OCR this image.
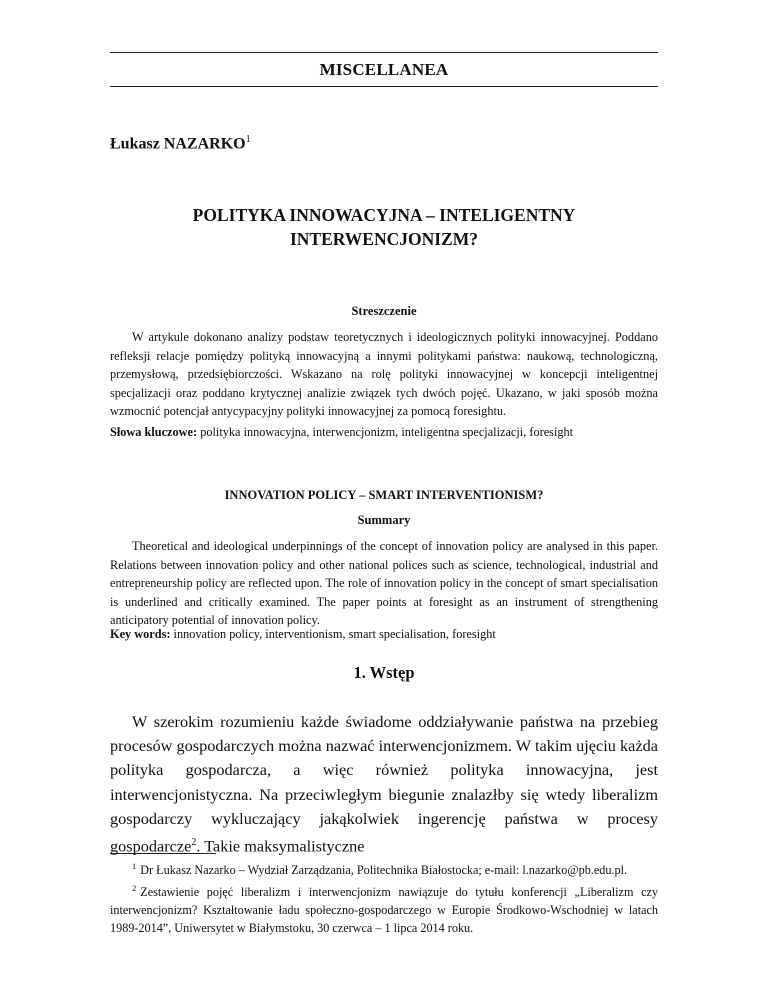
MISCELLANEA
Łukasz NAZARKO$^1$
POLITYKA INNOWACYJNA – INTELIGENTNY
INTERWENCJONIZM?
Streszczenie

W artykule dokonano analizy podstaw teoretycznych i ideologicznych polityki innowacyjnej. Poddano refleksji relacje pomiędzy polityką innowacyjną a innymi politykami państwa: naukową, technologiczną, przemysłową, przedsiębiorczości. Wskazano na rolę polityki innowacyjnej w koncepcji inteligentnej specjalizacji oraz poddano krytycznej analizie związek tych dwóch pojęć. Ukazano, w jaki sposób można wzmocnić potencjał antycypacyjny polityki innowacyjnej za pomocą foresightu.

Słowa kluczowe: polityka innowacyjna, interwencjonizm, inteligentna specjalizacji, foresight
INNOVATION POLICY – SMART INTERVENTIONISM?
Summary

Theoretical and ideological underpinnings of the concept of innovation policy are analysed in this paper. Relations between innovation policy and other national polices such as science, technological, industrial and entrepreneurship policy are reflected upon. The role of innovation policy in the concept of smart specialisation is underlined and critically examined. The paper points at foresight as an instrument of strengthening anticipatory potential of innovation policy.

Key words: innovation policy, interventionism, smart specialisation, foresight
1. Wstęp

W szerokim rozumieniu każde świadome oddziaływanie państwa na przebieg procesów gospodarczych można nazwać interwencjonizmem. W takim ujęciu każda polityka gospodarcza, a więc również polityka innowacyjna, jest interwencjonistyczna. Na przeciwległym biegunie znalazłby się wtedy liberalizm gospodarczy wykluczający jakąkolwiek ingerencję państwa w procesy gospodarcze$^2$. Takie maksymalistyczne

$^1$ Dr Łukasz Nazarko – Wydział Zarządzania, Politechnika Białostocka; e-mail: l.nazarko@pb.edu.pl.

$^2$ Zestawienie pojęć liberalizm i interwencjonizm nawiązuje do tytułu konferencji „Liberalizm czy interwencjonizm? Kształtowanie ładu społeczno-gospodarczego w Europie Środkowo-Wschodniej w latach 1989-2014”, Uniwersytet w Białymstoku, 30 czerwca – 1 lipca 2014 roku.
